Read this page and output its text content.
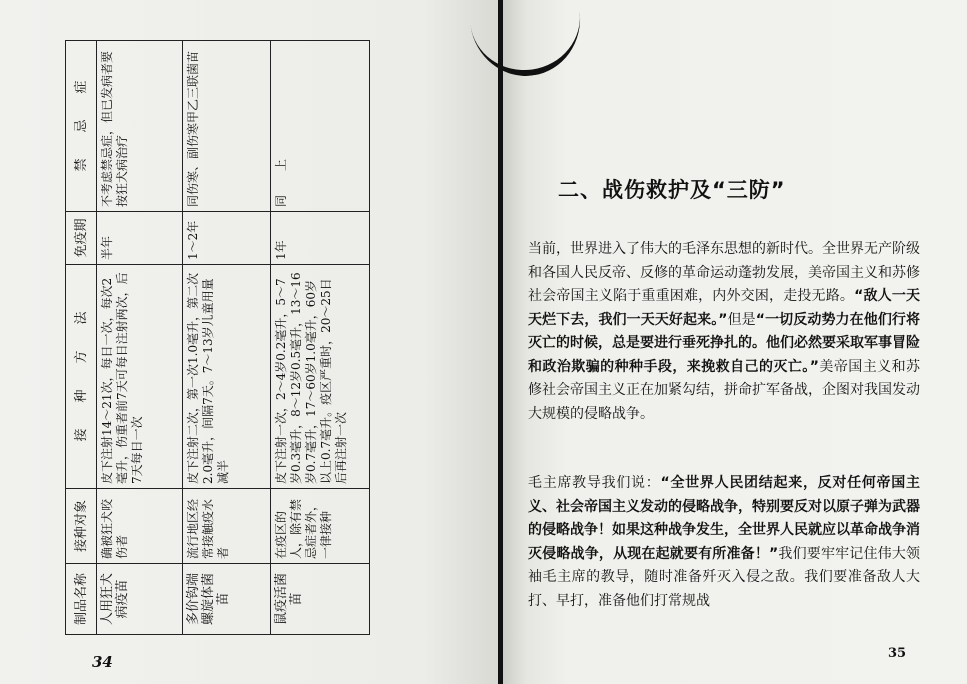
制品名称	接种对象	接　　种　　方　　法	免疫期	禁　　忌　　症
人用狂犬病疫苗	确被狂犬咬伤者	皮下注射14～21次，每日一次，每次2毫升，伤重者前7天可每日注射两次，后7天每日一次	半年	不考虑禁忌症，但已发病者要按狂犬病治疗
多价钩端螺旋体菌苗	流行地区经常接触疫水者	皮下注射二次，第一次1.0毫升，第二次2.0毫升，间隔7天。7～13岁儿童用量减半	1～2年	同伤寒、副伤寒甲乙三联菌苗
鼠疫活菌苗	在疫区的人，除有禁忌症者外，一律接种	皮下注射一次，2～4岁0.2毫升，5～7岁0.3毫升，8～12岁0.5毫升，13～16岁0.7毫升，17～60岁1.0毫升，60岁以上0.7毫升。疫区严重时，20～25日后再注射一次	1年	同　　上
34
二、战伤救护及“三防”
当前，世界进入了伟大的毛泽东思想的新时代。全世界无产阶级和各国人民反帝、反修的革命运动蓬勃发展，美帝国主义和苏修社会帝国主义陷于重重困难，内外交困，走投无路。“敌人一天天烂下去，我们一天天好起来。”但是“一切反动势力在他们行将灭亡的时候，总是要进行垂死挣扎的。他们必然要采取军事冒险和政治欺骗的种种手段，来挽救自己的灭亡。”美帝国主义和苏修社会帝国主义正在加紧勾结，拼命扩军备战，企图对我国发动大规模的侵略战争。
毛主席教导我们说：“全世界人民团结起来，反对任何帝国主义、社会帝国主义发动的侵略战争，特别要反对以原子弹为武器的侵略战争！如果这种战争发生，全世界人民就应以革命战争消灭侵略战争，从现在起就要有所准备！”我们要牢牢记住伟大领袖毛主席的教导，随时准备歼灭入侵之敌。我们要准备敌人大打、早打，准备他们打常规战
35
